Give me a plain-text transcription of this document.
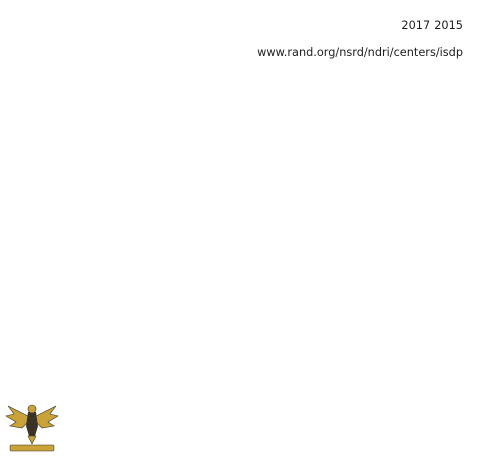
2015 2017

www.rand.org/nsrd/ndri/centers/isdp
